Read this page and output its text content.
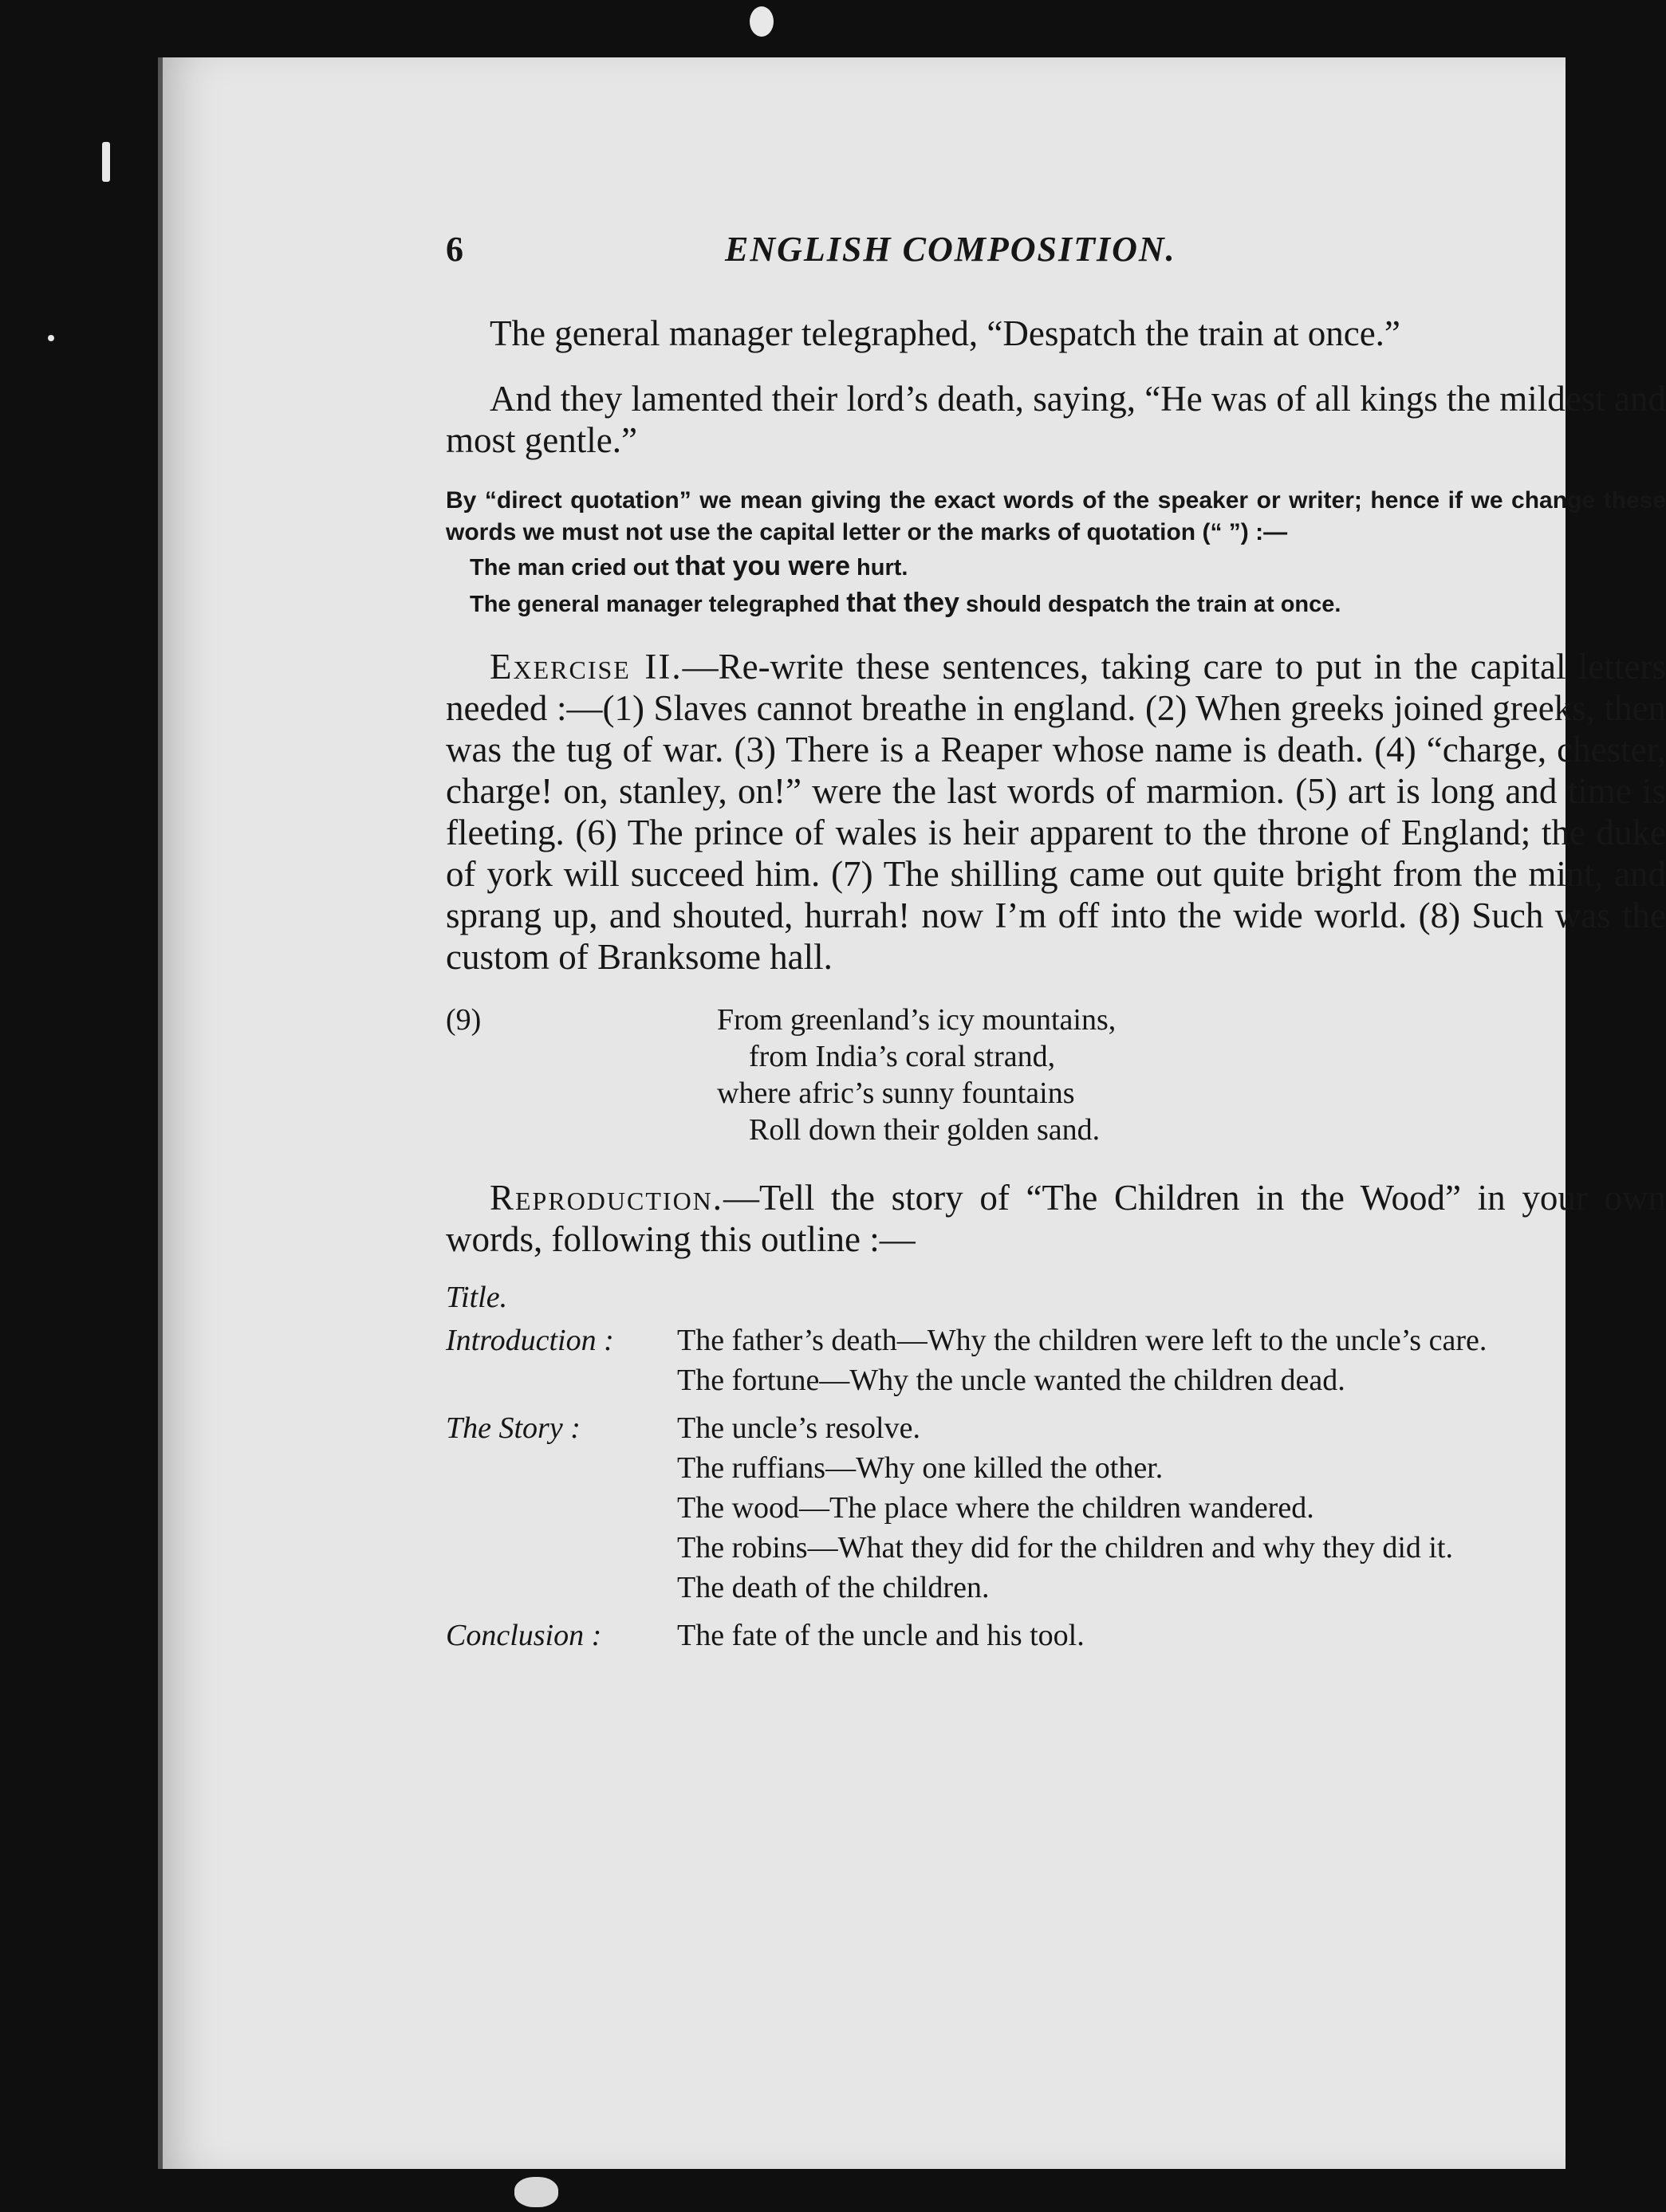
6	ENGLISH COMPOSITION.

The general manager telegraphed, “Despatch the train at once.”

And they lamented their lord’s death, saying, “He was of all kings the mildest and most gentle.”

By “direct quotation” we mean giving the exact words of the speaker or writer; hence if we change these words we must not use the capital letter or the marks of quotation (“ ”) :—

The man cried out that you were hurt.

The general manager telegraphed that they should despatch the train at once.

Exercise II.—Re-write these sentences, taking care to put in the capital letters needed :—(1) Slaves cannot breathe in england. (2) When greeks joined greeks, then was the tug of war. (3) There is a Reaper whose name is death. (4) “charge, chester, charge! on, stanley, on!” were the last words of marmion. (5) art is long and time is fleeting. (6) The prince of wales is heir apparent to the throne of England; the duke of york will succeed him. (7) The shilling came out quite bright from the mint, and sprang up, and shouted, hurrah! now I’m off into the wide world. (8) Such was the custom of Branksome hall.

(9)	From greenland’s icy mountains,
from India’s coral strand,
where afric’s sunny fountains
Roll down their golden sand.

Reproduction.—Tell the story of “The Children in the Wood” in your own words, following this outline :—

Title.
Introduction :	The father’s death—Why the children were left to the uncle’s care.
The fortune—Why the uncle wanted the children dead.
The Story :	The uncle’s resolve.
The ruffians—Why one killed the other.
The wood—The place where the children wandered.
The robins—What they did for the children and why they did it.
The death of the children.
Conclusion :	The fate of the uncle and his tool.
